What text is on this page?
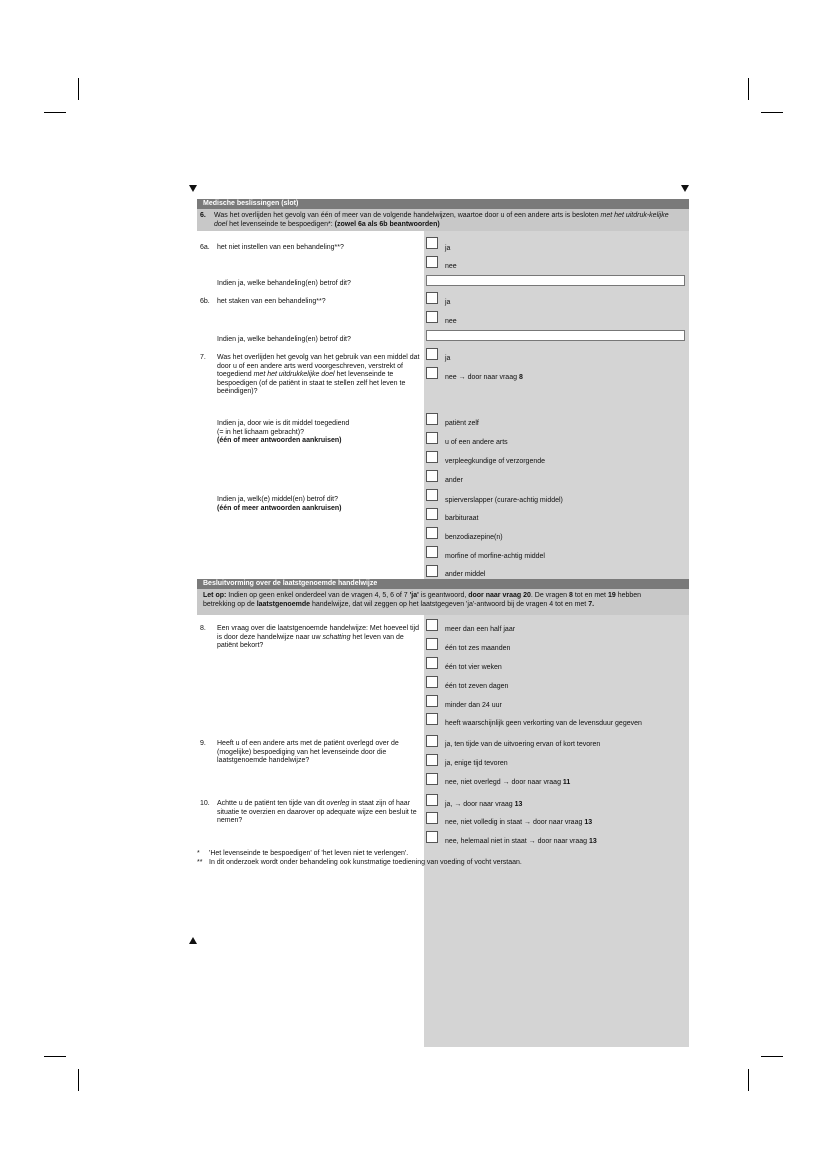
Medische beslissingen (slot)
6. Was het overlijden het gevolg van één of meer van de volgende handelwijzen, waartoe door u of een andere arts is besloten met het uitdruk-kelijke doel het levenseinde te bespoedigen*: (zowel 6a als 6b beantwoorden)
6a.	het niet instellen van een behandeling**?	ja
nee
Indien ja, welke behandeling(en) betrof dit?
6b.	het staken van een behandeling**?	ja
nee
Indien ja, welke behandeling(en) betrof dit?
7.	Was het overlijden het gevolg van het gebruik van een middel dat door u of een andere arts werd voorgeschreven, verstrekt of toegediend met het uitdrukkelijke doel het levenseinde te bespoedigen (of de patiënt in staat te stellen zelf het leven te beëindigen)?
ja
nee → door naar vraag 8
Indien ja, door wie is dit middel toegediend
(= in het lichaam gebracht)?
(één of meer antwoorden aankruisen)
patiënt zelf
u of een andere arts
verpleegkundige of verzorgende
ander
Indien ja, welk(e) middel(en) betrof dit?
(één of meer antwoorden aankruisen)
spierverslapper (curare-achtig middel)
barbituraat
benzodiazepine(n)
morfine of morfine-achtig middel
ander middel
Besluitvorming over de laatstgenoemde handelwijze
Let op: Indien op geen enkel onderdeel van de vragen 4, 5, 6 of 7 'ja' is geantwoord, door naar vraag 20. De vragen 8 tot en met 19 hebben
betrekking op de laatstgenoemde handelwijze, dat wil zeggen op het laatstgegeven 'ja'-antwoord bij de vragen 4 tot en met 7.
8.	Een vraag over die laatstgenoemde handelwijze: Met hoeveel tijd is door deze handelwijze naar uw schatting het leven van de patiënt bekort?
meer dan een half jaar
één tot zes maanden
één tot vier weken
één tot zeven dagen
minder dan 24 uur
heeft waarschijnlijk geen verkorting van de levensduur gegeven
9.	Heeft u of een andere arts met de patiënt overlegd over de (mogelijke) bespoediging van het levenseinde door die laatstgenoemde handelwijze?
ja, ten tijde van de uitvoering ervan of kort tevoren
ja, enige tijd tevoren
nee, niet overlegd → door naar vraag 11
10.	Achtte u de patiënt ten tijde van dit overleg in staat zijn of haar situatie te overzien en daarover op adequate wijze een besluit te nemen?
ja, → door naar vraag 13
nee, niet volledig in staat → door naar vraag 13
nee, helemaal niet in staat → door naar vraag 13
* 'Het levenseinde te bespoedigen' of 'het leven niet te verlengen'.
** In dit onderzoek wordt onder behandeling ook kunstmatige toediening van voeding of vocht verstaan.
